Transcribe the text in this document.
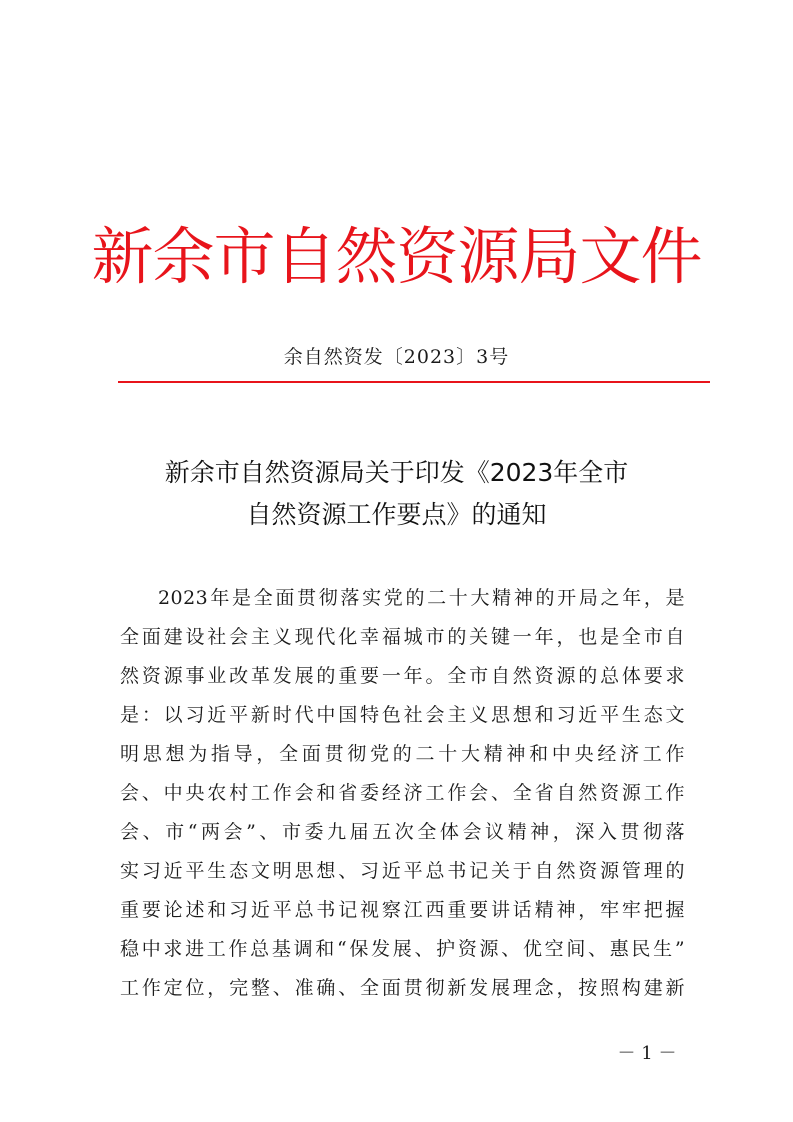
新余市自然资源局文件
余自然资发〔2023〕3号
新余市自然资源局关于印发《2023年全市
自然资源工作要点》的通知
2023年是全面贯彻落实党的二十大精神的开局之年，是
全面建设社会主义现代化幸福城市的关键一年，也是全市自
然资源事业改革发展的重要一年。全市自然资源的总体要求
是：以习近平新时代中国特色社会主义思想和习近平生态文
明思想为指导，全面贯彻党的二十大精神和中央经济工作
会、中央农村工作会和省委经济工作会、全省自然资源工作
会、市“两会”、市委九届五次全体会议精神，深入贯彻落
实习近平生态文明思想、习近平总书记关于自然资源管理的
重要论述和习近平总书记视察江西重要讲话精神，牢牢把握
稳中求进工作总基调和“保发展、护资源、优空间、惠民生”
工作定位，完整、准确、全面贯彻新发展理念，按照构建新
－ 1 －
